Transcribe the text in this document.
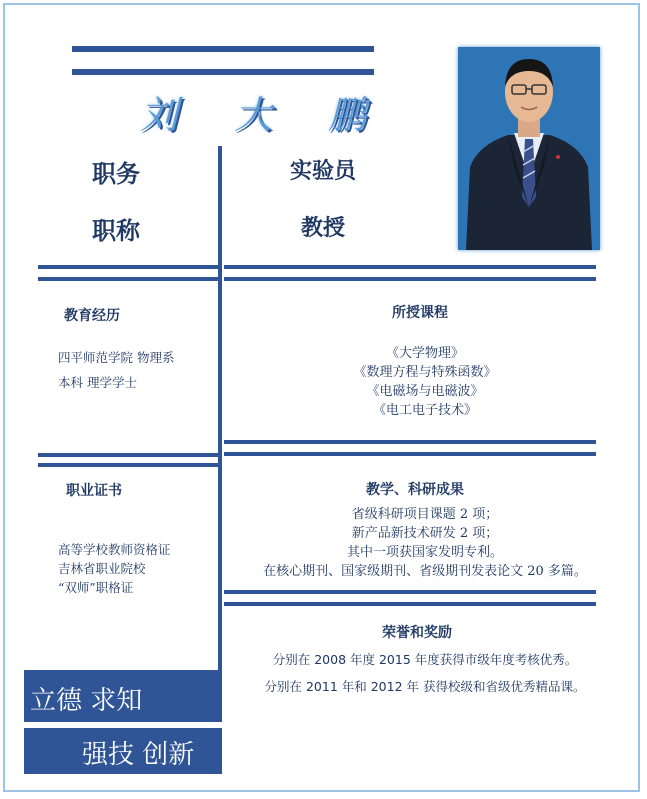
刘 大 鹏
职务	实验员
职称	教授
教育经历
四平师范学院 物理系
本科 理学学士
所授课程
《大学物理》
《数理方程与特殊函数》
《电磁场与电磁波》
《电工电子技术》
职业证书
高等学校教师资格证
吉林省职业院校
“双师”职格证
教学、科研成果
省级科研项目课题 2 项；
新产品新技术研发 2 项；
其中一项获国家发明专利。
在核心期刊、国家级期刊、省级期刊发表论文 20 多篇。
荣誉和奖励
分别在 2008 年度 2015 年度获得市级年度考核优秀。
分别在 2011 年和 2012 年 获得校级和省级优秀精品课。
立德 求知
强技 创新
